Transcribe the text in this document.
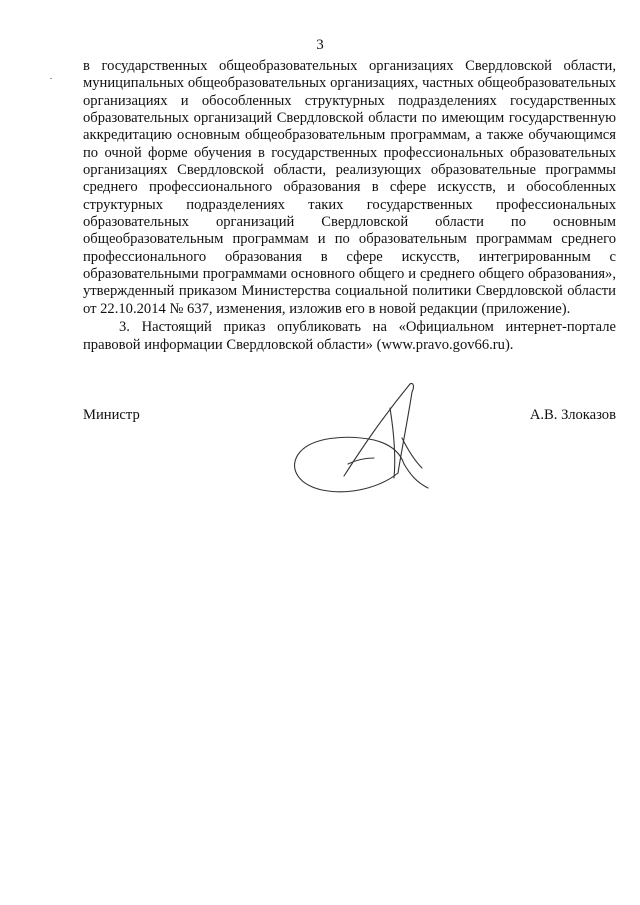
3

в государственных общеобразовательных организациях Свердловской области, муниципальных общеобразовательных организациях, частных общеобразовательных организациях и обособленных структурных подразделениях государственных образовательных организаций Свердловской области по имеющим государственную аккредитацию основным общеобразовательным программам, а также обучающимся по очной форме обучения в государственных профессиональных образовательных организациях Свердловской области, реализующих образовательные программы среднего профессионального образования в сфере искусств, и обособленных структурных подразделениях таких государственных профессиональных образовательных организаций Свердловской области по основным общеобразовательным программам и по образовательным программам среднего профессионального образования в сфере искусств, интегрированным с образовательными программами основного общего и среднего общего образования», утвержденный приказом Министерства социальной политики Свердловской области от 22.10.2014 № 637, изменения, изложив его в новой редакции (приложение).

3. Настоящий приказ опубликовать на «Официальном интернет-портале правовой информации Свердловской области» (www.pravo.gov66.ru).

Министр	А.В. Злоказов
